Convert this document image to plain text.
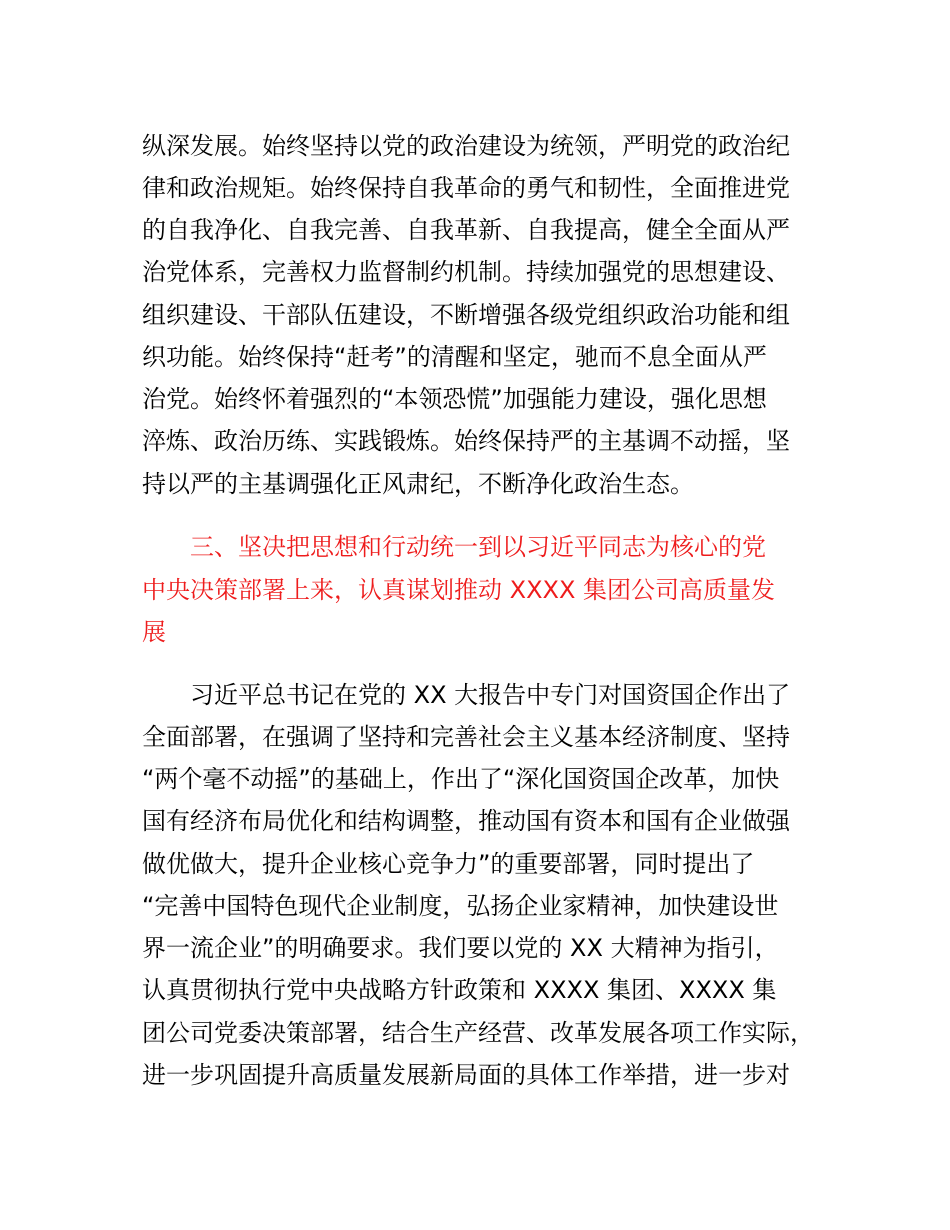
纵深发展。始终坚持以党的政治建设为统领，严明党的政治纪
律和政治规矩。始终保持自我革命的勇气和韧性，全面推进党
的自我净化、自我完善、自我革新、自我提高，健全全面从严
治党体系，完善权力监督制约机制。持续加强党的思想建设、
组织建设、干部队伍建设，不断增强各级党组织政治功能和组
织功能。始终保持“赶考”的清醒和坚定，驰而不息全面从严
治党。始终怀着强烈的“本领恐慌”加强能力建设，强化思想
淬炼、政治历练、实践锻炼。始终保持严的主基调不动摇，坚
持以严的主基调强化正风肃纪，不断净化政治生态。
三、坚决把思想和行动统一到以习近平同志为核心的党
中央决策部署上来，认真谋划推动 XXXX 集团公司高质量发
展
习近平总书记在党的 XX 大报告中专门对国资国企作出了
全面部署，在强调了坚持和完善社会主义基本经济制度、坚持
“两个毫不动摇”的基础上，作出了“深化国资国企改革，加快
国有经济布局优化和结构调整，推动国有资本和国有企业做强
做优做大，提升企业核心竞争力”的重要部署，同时提出了
“完善中国特色现代企业制度，弘扬企业家精神，加快建设世
界一流企业”的明确要求。我们要以党的 XX 大精神为指引，
认真贯彻执行党中央战略方针政策和 XXXX 集团、XXXX 集
团公司党委决策部署，结合生产经营、改革发展各项工作实际，
进一步巩固提升高质量发展新局面的具体工作举措，进一步对
